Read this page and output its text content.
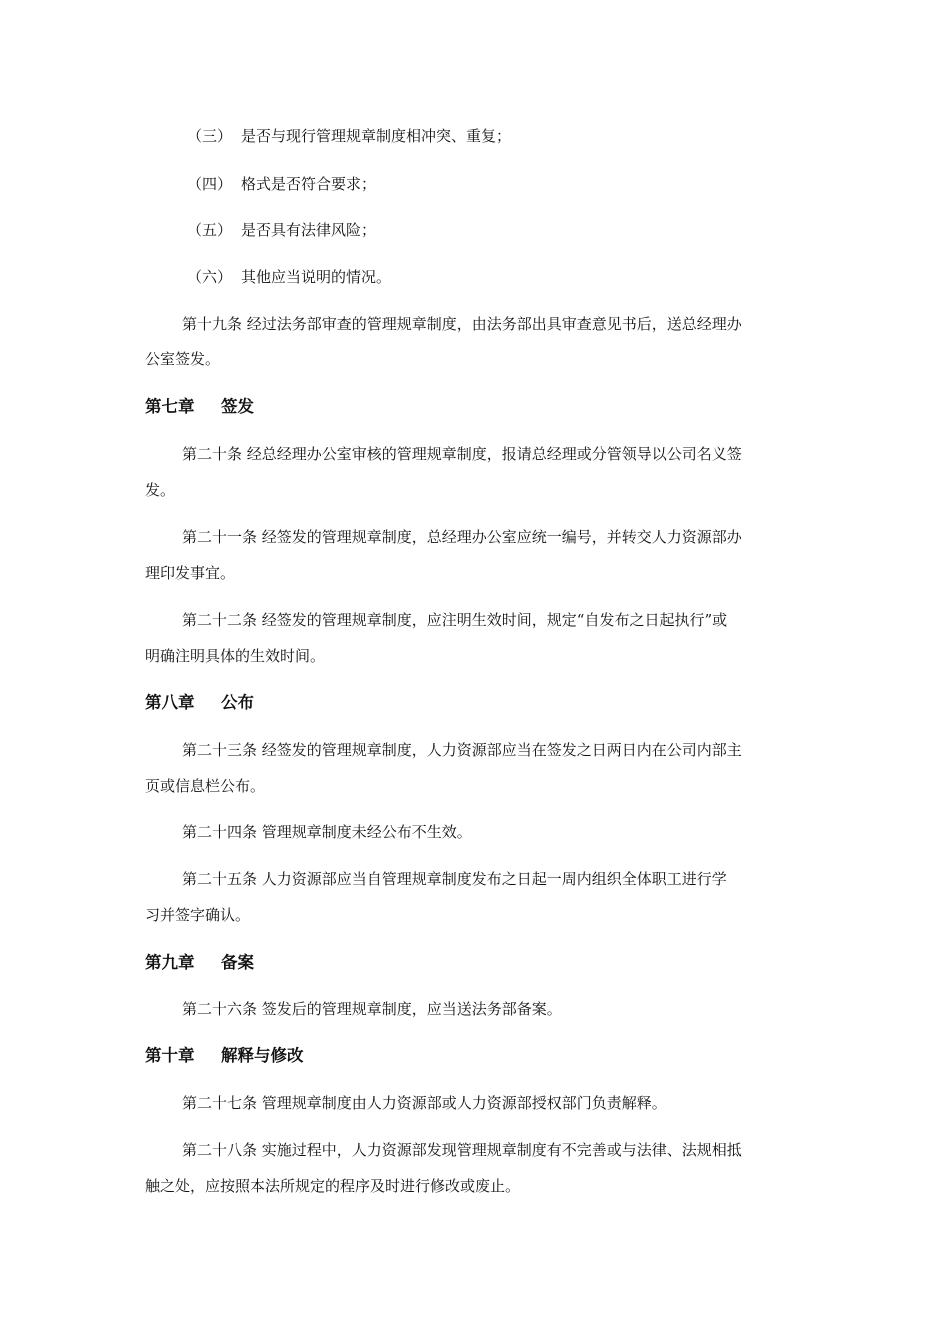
（三） 是否与现行管理规章制度相冲突、重复；
（四） 格式是否符合要求；
（五） 是否具有法律风险；
（六） 其他应当说明的情况。
第十九条 经过法务部审查的管理规章制度，由法务部出具审查意见书后，送总经理办
公室签发。
第七章 签发
第二十条 经总经理办公室审核的管理规章制度，报请总经理或分管领导以公司名义签
发。
第二十一条 经签发的管理规章制度，总经理办公室应统一编号，并转交人力资源部办
理印发事宜。
第二十二条 经签发的管理规章制度，应注明生效时间，规定“自发布之日起执行”或
明确注明具体的生效时间。
第八章 公布
第二十三条 经签发的管理规章制度，人力资源部应当在签发之日两日内在公司内部主
页或信息栏公布。
第二十四条 管理规章制度未经公布不生效。
第二十五条 人力资源部应当自管理规章制度发布之日起一周内组织全体职工进行学
习并签字确认。
第九章 备案
第二十六条 签发后的管理规章制度，应当送法务部备案。
第十章 解释与修改
第二十七条 管理规章制度由人力资源部或人力资源部授权部门负责解释。
第二十八条 实施过程中，人力资源部发现管理规章制度有不完善或与法律、法规相抵
触之处，应按照本法所规定的程序及时进行修改或废止。
